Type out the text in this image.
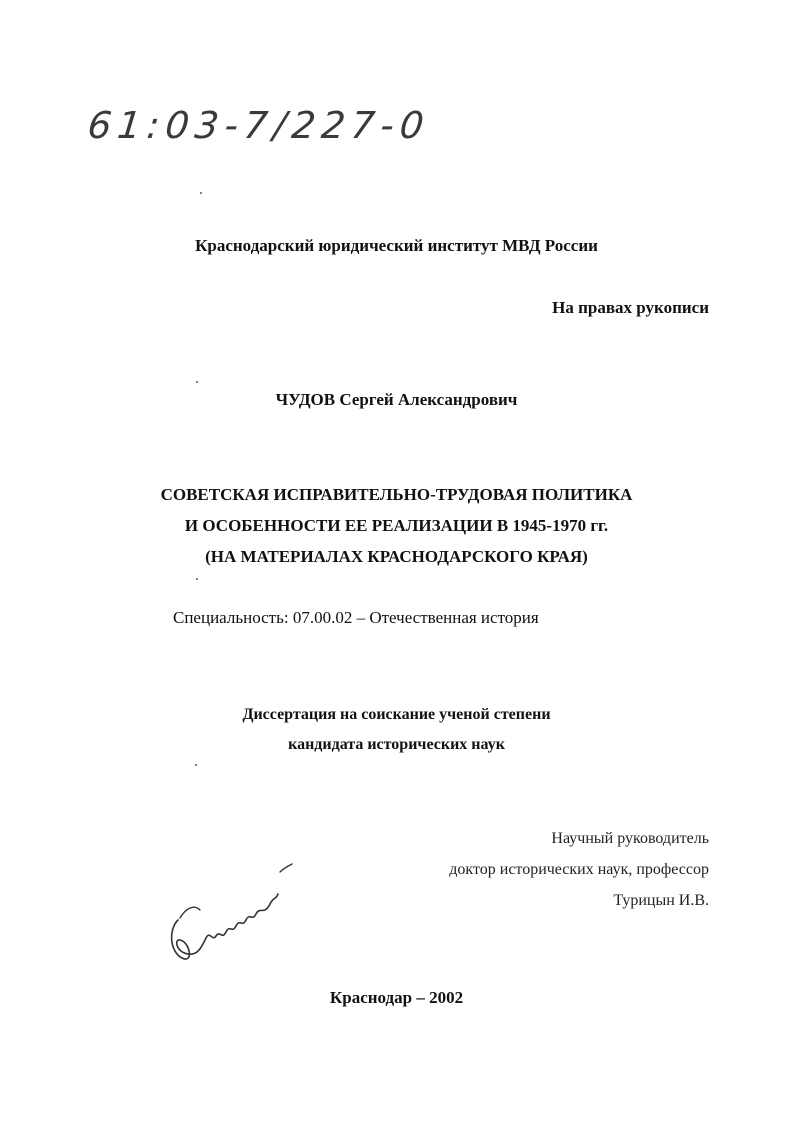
61:03-7/227-0
Краснодарский юридический институт МВД России
На правах рукописи
ЧУДОВ Сергей Александрович
СОВЕТСКАЯ ИСПРАВИТЕЛЬНО-ТРУДОВАЯ ПОЛИТИКА
И ОСОБЕННОСТИ ЕЕ РЕАЛИЗАЦИИ В 1945-1970 гг.
(НА МАТЕРИАЛАХ КРАСНОДАРСКОГО КРАЯ)
Специальность: 07.00.02 – Отечественная история
Диссертация на соискание ученой степени
кандидата исторических наук
Научный руководитель
доктор исторических наук, профессор
Турицын И.В.
Краснодар – 2002
